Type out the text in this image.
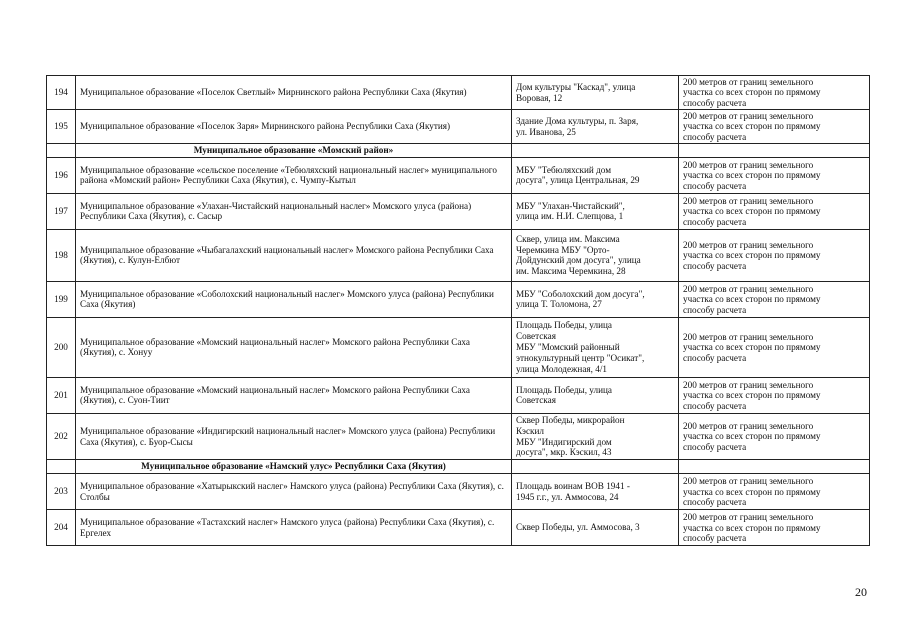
194	Муниципальное образование «Поселок Светлый» Мирнинского района Республики Саха (Якутия)	Дом культуры "Каскад", улица
Воровая, 12	200 метров от границ земельного
участка со всех сторон по прямому
способу расчета

195	Муниципальное образование «Поселок Заря» Мирнинского района Республики Саха (Якутия)	Здание Дома культуры, п. Заря,
ул. Иванова, 25	200 метров от границ земельного
участка со всех сторон по прямому
способу расчета

	Муниципальное образование «Момский район»		
196	Муниципальное образование «сельское поселение «Тебюляхский национальный наслег» муниципального района «Момский район» Республики Саха (Якутия), с. Чумпу-Кытыл	МБУ "Тебюляхский дом
досуга", улица Центральная, 29	200 метров от границ земельного
участка со всех сторон по прямому
способу расчета

197	Муниципальное образование «Улахан-Чистайский национальный наслег» Момского улуса (района) Республики Саха (Якутия), с. Сасыр	МБУ "Улахан-Чистайский",
улица им. Н.И. Слепцова, 1	200 метров от границ земельного
участка со всех сторон по прямому
способу расчета

198	Муниципальное образование «Чыбагалахский национальный наслег» Момского района Республики Саха (Якутия), с. Кулун-Елбют	Сквер, улица им. Максима
Черемкина МБУ "Орто-
Дойдунский дом досуга", улица
им. Максима Черемкина, 28	200 метров от границ земельного
участка со всех сторон по прямому
способу расчета

199	Муниципальное образование «Соболохский национальный наслег» Момского улуса (района) Республики Саха (Якутия)	МБУ "Соболохский дом досуга",
улица Т. Толомона, 27	200 метров от границ земельного
участка со всех сторон по прямому
способу расчета

200	Муниципальное образование «Момский национальный наслег» Момского района Республики Саха (Якутия), с. Хонуу	Площадь Победы, улица
Советская
МБУ "Момский районный
этнокультурный центр "Осикат",
улица Молодежная, 4/1	200 метров от границ земельного
участка со всех сторон по прямому
способу расчета

201	Муниципальное образование «Момский национальный наслег» Момского района Республики Саха (Якутия), с. Суон-Тиит	Площадь Победы, улица
Советская	200 метров от границ земельного
участка со всех сторон по прямому
способу расчета

202	Муниципальное образование «Индигирский национальный наслег» Момского улуса (района) Республики Саха (Якутия), с. Буор-Сысы	Сквер Победы, микрорайон
Кэскил
МБУ "Индигирский дом
досуга", мкр. Кэскил, 43	200 метров от границ земельного
участка со всех сторон по прямому
способу расчета

	Муниципальное образование «Намский улус» Республики Саха (Якутия)		
203	Муниципальное образование «Хатырыкский наслег» Намского улуса (района) Республики Саха (Якутия), с. Столбы	Площадь воинам ВОВ 1941 -
1945 г.г., ул. Аммосова, 24	200 метров от границ земельного
участка со всех сторон по прямому
способу расчета

204	Муниципальное образование «Тастахский наслег» Намского улуса (района) Республики Саха (Якутия), с. Ергелех	Сквер Победы, ул. Аммосова, 3	200 метров от границ земельного
участка со всех сторон по прямому
способу расчета
20
